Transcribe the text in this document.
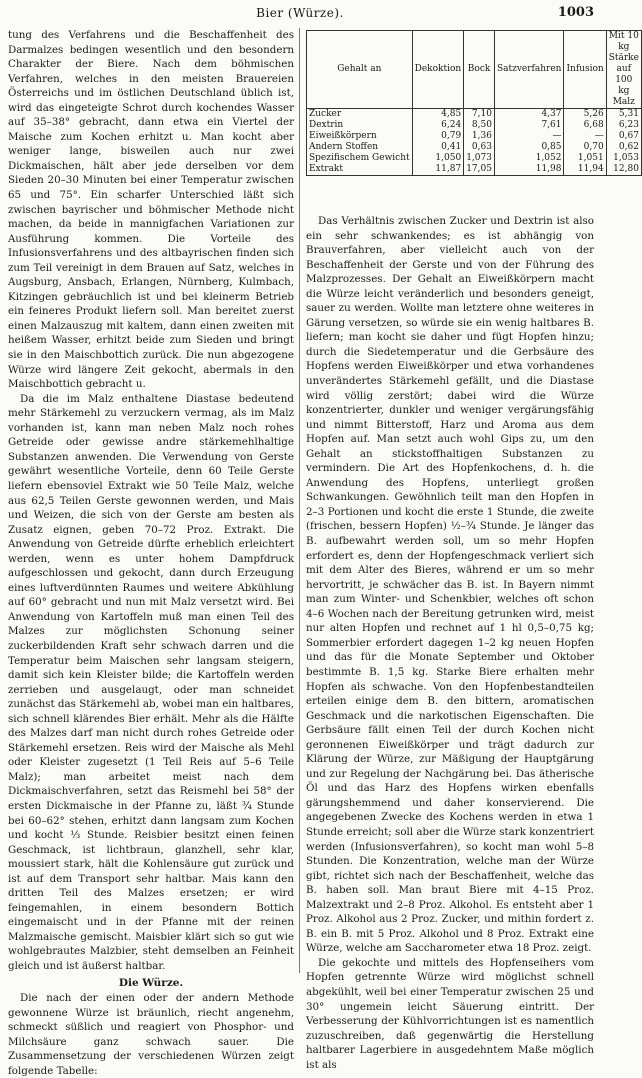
Bier (Würze).	1003

tung des Verfahrens und die Beschaffenheit des Darmalzes bedingen wesentlich und den besondern Charakter der Biere. Nach dem böhmischen Verfahren, welches in den meisten Brauereien Österreichs und im östlichen Deutschland üblich ist, wird das eingeteigte Schrot durch kochendes Wasser auf 35–38° gebracht, dann etwa ein Viertel der Maische zum Kochen erhitzt u. Man kocht aber weniger lange, bisweilen auch nur zwei Dickmaischen, hält aber jede derselben vor dem Sieden 20–30 Minuten bei einer Temperatur zwischen 65 und 75°. Ein scharfer Unterschied läßt sich zwischen bayrischer und böhmischer Methode nicht machen, da beide in mannigfachen Variationen zur Ausführung kommen. Die Vorteile des Infusionsverfahrens und des altbayrischen finden sich zum Teil vereinigt in dem Brauen auf Satz, welches in Augsburg, Ansbach, Erlangen, Nürnberg, Kulmbach, Kitzingen gebräuchlich ist und bei kleinerm Betrieb ein feineres Produkt liefern soll. Man bereitet zuerst einen Malzauszug mit kaltem, dann einen zweiten mit heißem Wasser, erhitzt beide zum Sieden und bringt sie in den Maischbottich zurück. Die nun abgezogene Würze wird längere Zeit gekocht, abermals in den Maischbottich gebracht u.

Da die im Malz enthaltene Diastase bedeutend mehr Stärkemehl zu verzuckern vermag, als im Malz vorhanden ist, kann man neben Malz noch rohes Getreide oder gewisse andre stärkemehlhaltige Substanzen anwenden. Die Verwendung von Gerste gewährt wesentliche Vorteile, denn 60 Teile Gerste liefern ebensoviel Extrakt wie 50 Teile Malz, welche aus 62,5 Teilen Gerste gewonnen werden, und Mais und Weizen, die sich von der Gerste am besten als Zusatz eignen, geben 70–72 Proz. Extrakt. Die Anwendung von Getreide dürfte erheblich erleichtert werden, wenn es unter hohem Dampfdruck aufgeschlossen und gekocht, dann durch Erzeugung eines luftverdünnten Raumes und weitere Abkühlung auf 60° gebracht und nun mit Malz versetzt wird. Bei Anwendung von Kartoffeln muß man einen Teil des Malzes zur möglichsten Schonung seiner zuckerbildenden Kraft sehr schwach darren und die Temperatur beim Maischen sehr langsam steigern, damit sich kein Kleister bilde; die Kartoffeln werden zerrieben und ausgelaugt, oder man schneidet zunächst das Stärkemehl ab, wobei man ein haltbares, sich schnell klärendes Bier erhält. Mehr als die Hälfte des Malzes darf man nicht durch rohes Getreide oder Stärkemehl ersetzen. Reis wird der Maische als Mehl oder Kleister zugesetzt (1 Teil Reis auf 5–6 Teile Malz); man arbeitet meist nach dem Dickmaischverfahren, setzt das Reismehl bei 58° der ersten Dickmaische in der Pfanne zu, läßt ¾ Stunde bei 60–62° stehen, erhitzt dann langsam zum Kochen und kocht ⅓ Stunde. Reisbier besitzt einen feinen Geschmack, ist lichtbraun, glanzhell, sehr klar, moussiert stark, hält die Kohlensäure gut zurück und ist auf dem Transport sehr haltbar. Mais kann den dritten Teil des Malzes ersetzen; er wird feingemahlen, in einem besondern Bottich eingemaischt und in der Pfanne mit der reinen Malzmaische gemischt. Maisbier klärt sich so gut wie wohlgebrautes Malzbier, steht demselben an Feinheit gleich und ist äußerst haltbar.

Die Würze.

Die nach der einen oder der andern Methode gewonnene Würze ist bräunlich, riecht angenehm, schmeckt süßlich und reagiert von Phosphor- und Milchsäure ganz schwach sauer. Die Zusammensetzung der verschiedenen Würzen zeigt folgende Tabelle:

Gehalt an	Dekoktion	Bock	Satzverfahren	Infusion	Mit 10 kg Stärke auf 100 kg Malz
Zucker	4,85	7,10	4,37	5,26	5,31
Dextrin	6,24	8,50	7,61	6,68	6,23
Eiweißkörpern	0,79	1,36	—	—	0,67
Andern Stoffen	0,41	0,63	0,85	0,70	0,62
Spezifischem Gewicht	1,050	1,073	1,052	1,051	1,053
Extrakt	11,87	17,05	11,98	11,94	12,80

Das Verhältnis zwischen Zucker und Dextrin ist also ein sehr schwankendes; es ist abhängig von Brauverfahren, aber vielleicht auch von der Beschaffenheit der Gerste und von der Führung des Malzprozesses. Der Gehalt an Eiweißkörpern macht die Würze leicht veränderlich und besonders geneigt, sauer zu werden. Wollte man letztere ohne weiteres in Gärung versetzen, so würde sie ein wenig haltbares B. liefern; man kocht sie daher und fügt Hopfen hinzu; durch die Siedetemperatur und die Gerbsäure des Hopfens werden Eiweißkörper und etwa vorhandenes unverändertes Stärkemehl gefällt, und die Diastase wird völlig zerstört; dabei wird die Würze konzentrierter, dunkler und weniger vergärungsfähig und nimmt Bitterstoff, Harz und Aroma aus dem Hopfen auf. Man setzt auch wohl Gips zu, um den Gehalt an stickstoffhaltigen Substanzen zu vermindern. Die Art des Hopfenkochens, d. h. die Anwendung des Hopfens, unterliegt großen Schwankungen. Gewöhnlich teilt man den Hopfen in 2–3 Portionen und kocht die erste 1 Stunde, die zweite (frischen, bessern Hopfen) ½–¾ Stunde. Je länger das B. aufbewahrt werden soll, um so mehr Hopfen erfordert es, denn der Hopfengeschmack verliert sich mit dem Alter des Bieres, während er um so mehr hervortritt, je schwächer das B. ist. In Bayern nimmt man zum Winter- und Schenkbier, welches oft schon 4–6 Wochen nach der Bereitung getrunken wird, meist nur alten Hopfen und rechnet auf 1 hl 0,5–0,75 kg; Sommerbier erfordert dagegen 1–2 kg neuen Hopfen und das für die Monate September und Oktober bestimmte B. 1,5 kg. Starke Biere erhalten mehr Hopfen als schwache. Von den Hopfenbestandteilen erteilen einige dem B. den bittern, aromatischen Geschmack und die narkotischen Eigenschaften. Die Gerbsäure fällt einen Teil der durch Kochen nicht geronnenen Eiweißkörper und trägt dadurch zur Klärung der Würze, zur Mäßigung der Hauptgärung und zur Regelung der Nachgärung bei. Das ätherische Öl und das Harz des Hopfens wirken ebenfalls gärungshemmend und daher konservierend. Die angegebenen Zwecke des Kochens werden in etwa 1 Stunde erreicht; soll aber die Würze stark konzentriert werden (Infusionsverfahren), so kocht man wohl 5–8 Stunden. Die Konzentration, welche man der Würze gibt, richtet sich nach der Beschaffenheit, welche das B. haben soll. Man braut Biere mit 4–15 Proz. Malzextrakt und 2–8 Proz. Alkohol. Es entsteht aber 1 Proz. Alkohol aus 2 Proz. Zucker, und mithin fordert z. B. ein B. mit 5 Proz. Alkohol und 8 Proz. Extrakt eine Würze, welche am Saccharometer etwa 18 Proz. zeigt.

Die gekochte und mittels des Hopfenseihers vom Hopfen getrennte Würze wird möglichst schnell abgekühlt, weil bei einer Temperatur zwischen 25 und 30° ungemein leicht Säuerung eintritt. Der Verbesserung der Kühlvorrichtungen ist es namentlich zuzuschreiben, daß gegenwärtig die Herstellung haltbarer Lagerbiere in ausgedehntem Maße möglich ist als
